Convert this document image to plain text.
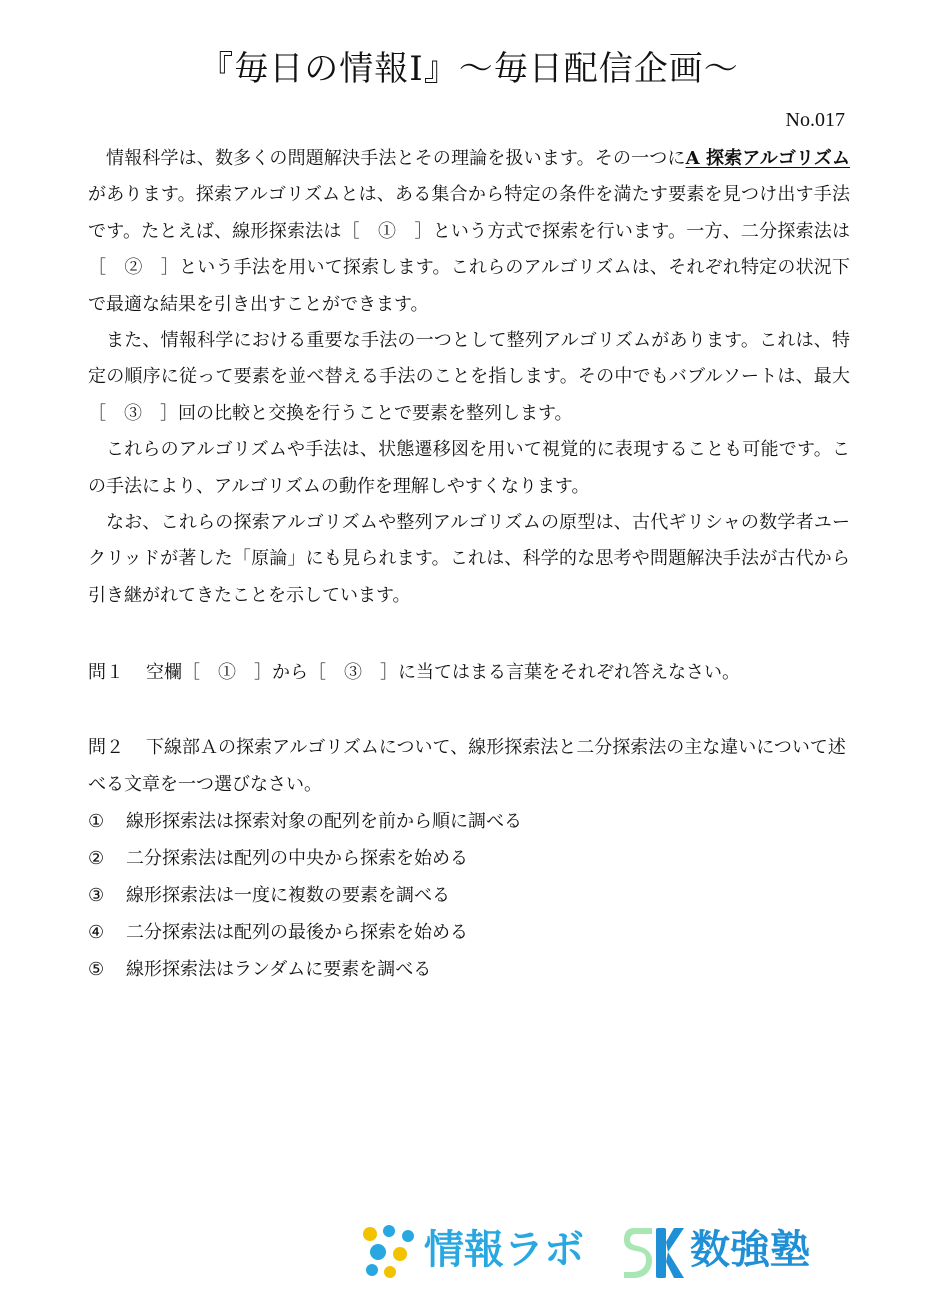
『毎日の情報Ⅰ』〜毎日配信企画〜
No.017

情報科学は、数多くの問題解決手法とその理論を扱います。その一つにA 探索アルゴリズムがあります。探索アルゴリズムとは、ある集合から特定の条件を満たす要素を見つけ出す手法です。たとえば、線形探索法は［　①　］という方式で探索を行います。一方、二分探索法は［　②　］という手法を用いて探索します。これらのアルゴリズムは、それぞれ特定の状況下で最適な結果を引き出すことができます。

また、情報科学における重要な手法の一つとして整列アルゴリズムがあります。これは、特定の順序に従って要素を並べ替える手法のことを指します。その中でもバブルソートは、最大［　③　］回の比較と交換を行うことで要素を整列します。

これらのアルゴリズムや手法は、状態遷移図を用いて視覚的に表現することも可能です。この手法により、アルゴリズムの動作を理解しやすくなります。

なお、これらの探索アルゴリズムや整列アルゴリズムの原型は、古代ギリシャの数学者ユークリッドが著した「原論」にも見られます。これは、科学的な思考や問題解決手法が古代から引き継がれてきたことを示しています。

問１ 空欄［　①　］から［　③　］に当てはまる言葉をそれぞれ答えなさい。
問２ 下線部Ａの探索アルゴリズムについて、線形探索法と二分探索法の主な違いについて述べる文章を一つ選びなさい。
① 線形探索法は探索対象の配列を前から順に調べる
② 二分探索法は配列の中央から探索を始める
③ 線形探索法は一度に複数の要素を調べる
④ 二分探索法は配列の最後から探索を始める
⑤ 線形探索法はランダムに要素を調べる
情報ラボ	数強塾
